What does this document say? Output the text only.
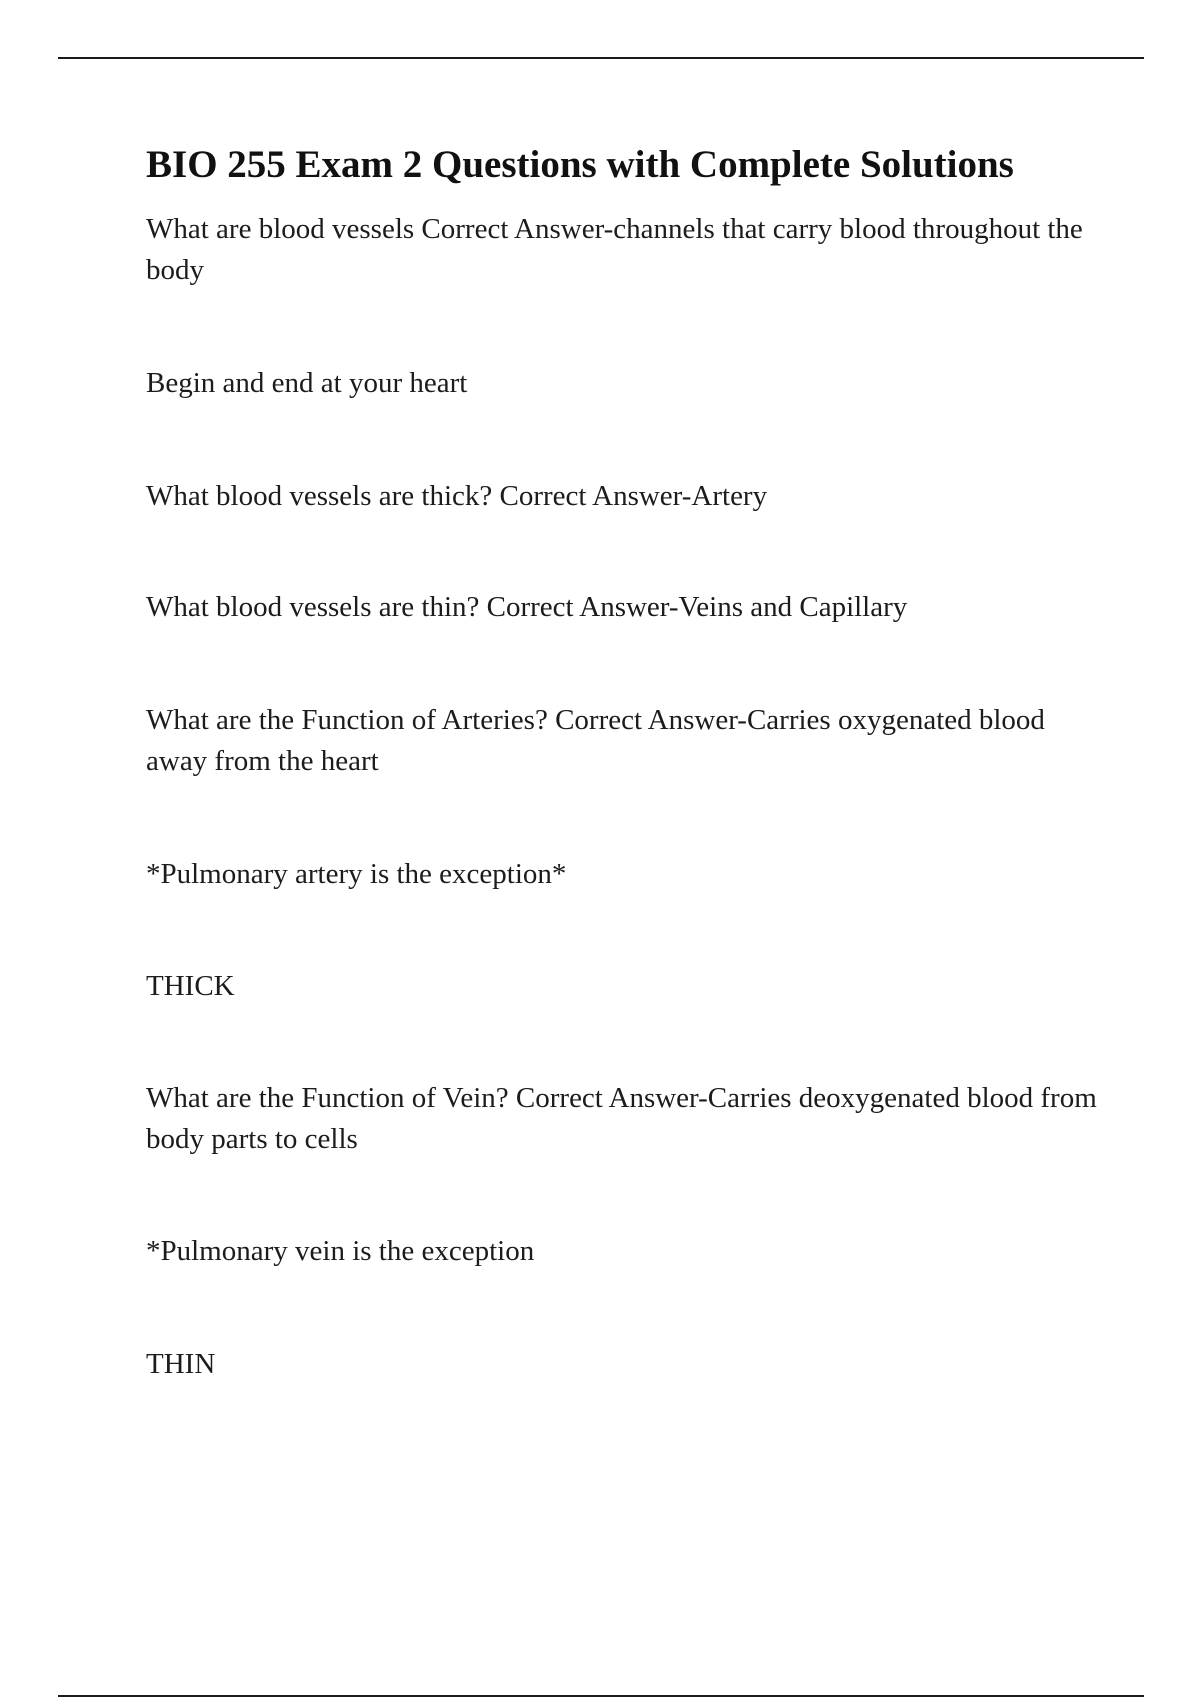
BIO 255 Exam 2 Questions with Complete Solutions

What are blood vessels Correct Answer-channels that carry blood throughout the body

Begin and end at your heart

What blood vessels are thick? Correct Answer-Artery

What blood vessels are thin? Correct Answer-Veins and Capillary

What are the Function of Arteries? Correct Answer-Carries oxygenated blood away from the heart

*Pulmonary artery is the exception*

THICK

What are the Function of Vein? Correct Answer-Carries deoxygenated blood from body parts to cells

*Pulmonary vein is the exception

THIN
